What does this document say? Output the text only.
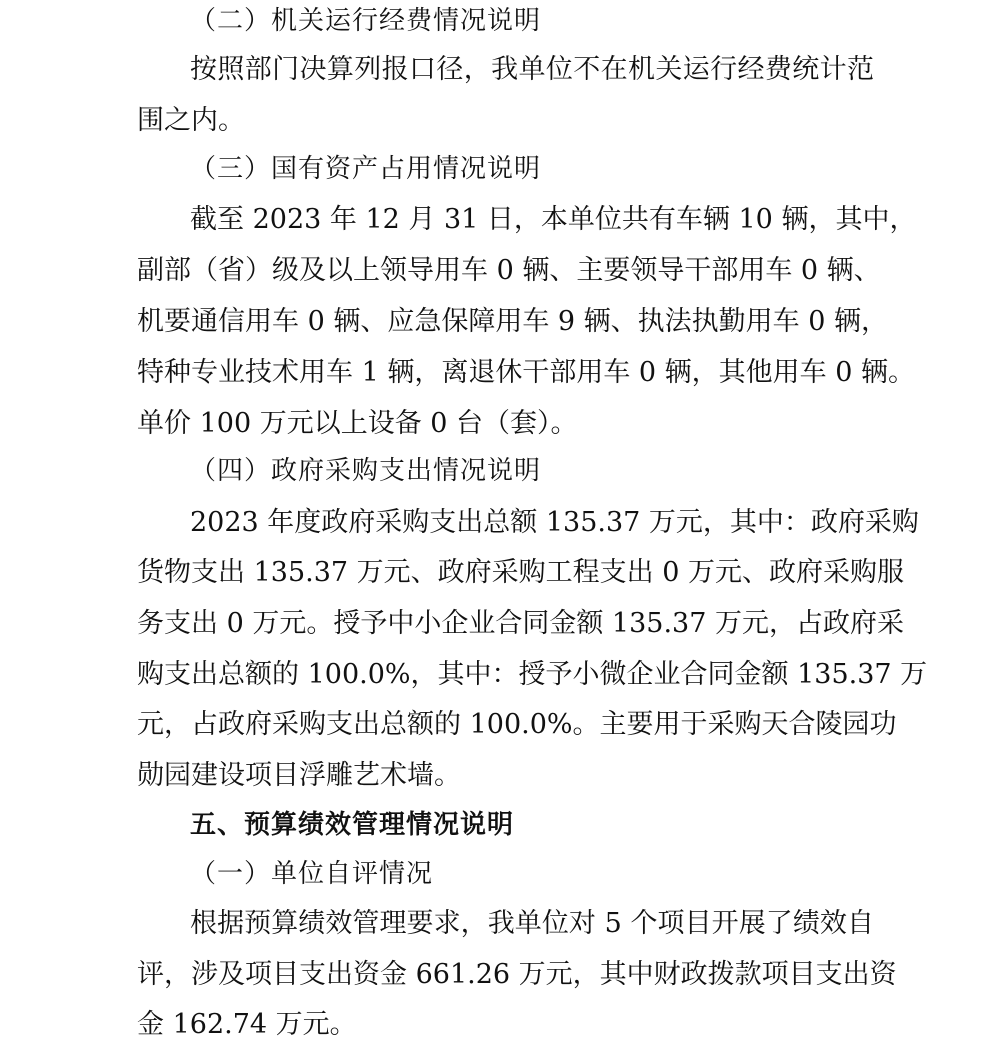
（二）机关运行经费情况说明
按照部门决算列报口径，我单位不在机关运行经费统计范
围之内。
（三）国有资产占用情况说明
截至 2023 年 12 月 31 日，本单位共有车辆 10 辆，其中，
副部（省）级及以上领导用车 0 辆、主要领导干部用车 0 辆、
机要通信用车 0 辆、应急保障用车 9 辆、执法执勤用车 0 辆，
特种专业技术用车 1 辆，离退休干部用车 0 辆，其他用车 0 辆。
单价 100 万元以上设备 0 台（套）。
（四）政府采购支出情况说明
2023 年度政府采购支出总额 135.37 万元，其中：政府采购
货物支出 135.37 万元、政府采购工程支出 0 万元、政府采购服
务支出 0 万元。授予中小企业合同金额 135.37 万元，占政府采
购支出总额的 100.0%，其中：授予小微企业合同金额 135.37 万
元，占政府采购支出总额的 100.0%。主要用于采购天合陵园功
勋园建设项目浮雕艺术墙。
五、预算绩效管理情况说明
（一）单位自评情况
根据预算绩效管理要求，我单位对 5 个项目开展了绩效自
评，涉及项目支出资金 661.26 万元，其中财政拨款项目支出资
金 162.74 万元。
